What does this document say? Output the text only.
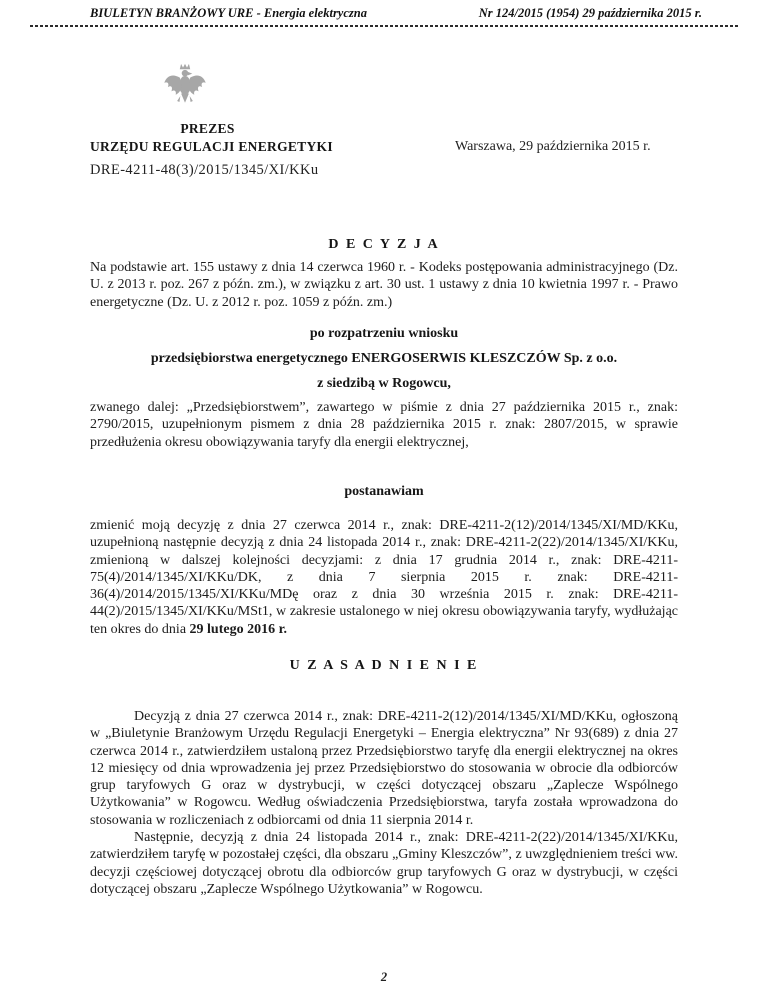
BIULETYN BRANŻOWY URE - Energia elektryczna	Nr 124/2015 (1954) 29 października 2015 r.
PREZES
URZĘDU REGULACJI ENERGETYKI	Warszawa, 29 października 2015 r.
DRE-4211-48(3)/2015/1345/XI/KKu
D E C Y Z J A

Na podstawie art. 155 ustawy z dnia 14 czerwca 1960 r. - Kodeks postępowania administracyjnego (Dz. U. z 2013 r. poz. 267 z późn. zm.), w związku z art. 30 ust. 1 ustawy z dnia 10 kwietnia 1997 r. - Prawo energetyczne (Dz. U. z 2012 r. poz. 1059 z późn. zm.)

po rozpatrzeniu wniosku
przedsiębiorstwa energetycznego ENERGOSERWIS KLESZCZÓW Sp. z o.o.
z siedzibą w Rogowcu,

zwanego dalej: „Przedsiębiorstwem”, zawartego w piśmie z dnia 27 października 2015 r., znak: 2790/2015, uzupełnionym pismem z dnia 28 października 2015 r. znak: 2807/2015, w sprawie przedłużenia okresu obowiązywania taryfy dla energii elektrycznej,

postanawiam

zmienić moją decyzję z dnia 27 czerwca 2014 r., znak: DRE-4211-2(12)/2014/1345/XI/MD/KKu, uzupełnioną następnie decyzją z dnia 24 listopada 2014 r., znak: DRE-4211-2(22)/2014/1345/XI/KKu, zmienioną w dalszej kolejności decyzjami: z dnia 17 grudnia 2014 r., znak: DRE-4211-75(4)/2014/1345/XI/KKu/DK, z dnia 7 sierpnia 2015 r. znak: DRE-4211-36(4)/2014/2015/1345/XI/KKu/MDę oraz z dnia 30 września 2015 r. znak: DRE-4211-44(2)/2015/1345/XI/KKu/MSt1, w zakresie ustalonego w niej okresu obowiązywania taryfy, wydłużając ten okres do dnia 29 lutego 2016 r.

U Z A S A D N I E N I E

Decyzją z dnia 27 czerwca 2014 r., znak: DRE-4211-2(12)/2014/1345/XI/MD/KKu, ogłoszoną w „Biuletynie Branżowym Urzędu Regulacji Energetyki – Energia elektryczna” Nr 93(689) z dnia 27 czerwca 2014 r., zatwierdziłem ustaloną przez Przedsiębiorstwo taryfę dla energii elektrycznej na okres 12 miesięcy od dnia wprowadzenia jej przez Przedsiębiorstwo do stosowania w obrocie dla odbiorców grup taryfowych G oraz w dystrybucji, w części dotyczącej obszaru „Zaplecze Wspólnego Użytkowania” w Rogowcu. Według oświadczenia Przedsiębiorstwa, taryfa została wprowadzona do stosowania w rozliczeniach z odbiorcami od dnia 11 sierpnia 2014 r.

Następnie, decyzją z dnia 24 listopada 2014 r., znak: DRE-4211-2(22)/2014/1345/XI/KKu, zatwierdziłem taryfę w pozostałej części, dla obszaru „Gminy Kleszczów”, z uwzględnieniem treści ww. decyzji częściowej dotyczącej obrotu dla odbiorców grup taryfowych G oraz w dystrybucji, w części dotyczącej obszaru „Zaplecze Wspólnego Użytkowania” w Rogowcu.

2
